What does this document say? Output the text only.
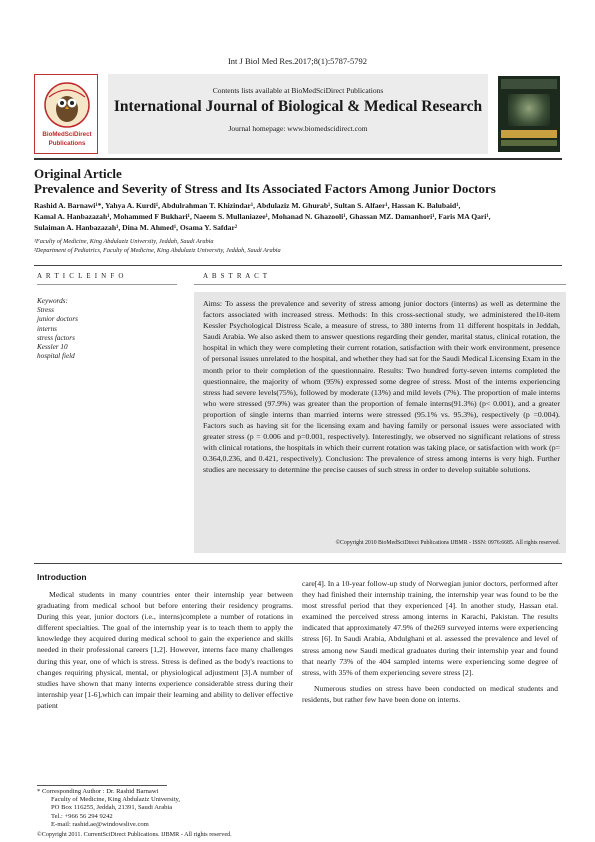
Int J Biol Med Res.2017;8(1):5787-5792
BioMedSciDirect
Publications
Contents lists available at BioMedSciDirect Publications
International Journal of Biological & Medical Research
Journal homepage: www.biomedscidirect.com
Original Article
Prevalence and Severity of Stress and Its Associated Factors Among Junior Doctors
Rashid A. Barnawi¹*, Yahya A. Kurdi¹, Abdulrahman T. Khizindar¹, Abdulaziz M. Ghurab¹, Sultan S. Alfaer¹, Hassan K. Balubaid¹,
Kamal A. Hanbazazah¹, Mohammed F Bukhari¹, Naeem S. Mullaniazee¹, Mohanad N. Ghazooli¹, Ghassan MZ. Damanhori¹, Faris MA Qari¹,
Sulaiman A. Hanbazazah¹, Dina M. Ahmed¹, Osama Y. Safdar²
¹Faculty of Medicine, King Abdulaziz University, Jeddah, Saudi Arabia
²Department of Pediatrics, Faculty of Medicine, King Abdulaziz University, Jeddah, Saudi Arabia
A R T I C L E I N F O	A B S T R A C T
Keywords:
Stress
junior doctors
interns
stress factors
Kessler 10
hospital field
Aims: To assess the prevalence and severity of stress among junior doctors (interns) as well as determine the factors associated with increased stress. Methods: In this cross-sectional study, we administered the10-item Kessler Psychological Distress Scale, a measure of stress, to 380 interns from 11 different hospitals in Jeddah, Saudi Arabia. We also asked them to answer questions regarding their gender, marital status, clinical rotation, the hospital in which they were completing their current rotation, satisfaction with their work environment, presence of personal issues unrelated to the hospital, and whether they had sat for the Saudi Medical Licensing Exam in the month prior to their completion of the questionnaire. Results: Two hundred forty-seven interns completed the questionnaire, the majority of whom (95%) expressed some degree of stress. Most of the interns experiencing stress had severe levels(75%), followed by moderate (13%) and mild levels (7%). The proportion of male interns who were stressed (97.9%) was greater than the proportion of female interns(91.3%) (p< 0.001), and a greater proportion of single interns than married interns were stressed (95.1% vs. 95.3%), respectively (p =0.004). Factors such as having sit for the licensing exam and having family or personal issues were associated with greater stress (p = 0.006 and p=0.001, respectively). Interestingly, we observed no significant relations of stress with clinical rotations, the hospitals in which their current rotation was taking place, or satisfaction with work (p= 0.364,0.236, and 0.421, respectively). Conclusion: The prevalence of stress among interns is very high. Further studies are necessary to determine the precise causes of such stress in order to develop suitable solutions.
©Copyright 2010 BioMedSciDirect Publications IJBMR - ISSN: 0976:6685. All rights reserved.
Introduction

Medical students in many countries enter their internship year between graduating from medical school but before entering their residency programs. During this year, junior doctors (i.e., interns)complete a number of rotations in different specialties. The goal of the internship year is to teach them to apply the knowledge they acquired during medical school to gain the experience and skills needed in their professional careers [1,2]. However, interns face many challenges during this year, one of which is stress. Stress is defined as the body's reactions to changes requiring physical, mental, or physiological adjustment [3].A number of studies have shown that many interns experience considerable stress during their internship year [1-6],which can impair their learning and ability to deliver effective patient

care[4]. In a 10-year follow-up study of Norwegian junior doctors, performed after they had finished their internship training, the internship year was found to be the most stressful period that they experienced [4]. In another study, Hassan etal. examined the perceived stress among interns in Karachi, Pakistan. The results indicated that approximately 47.9% of the269 surveyed interns were experiencing stress [6]. In Saudi Arabia, Abdulghani et al. assessed the prevalence and level of stress among new Saudi medical graduates during their internship year and found that nearly 73% of the 404 sampled interns were experiencing some degree of stress, with 35% of them experiencing severe stress [2].

Numerous studies on stress have been conducted on medical students and residents, but rather few have been done on interns.

* Corresponding Author : Dr. Rashid Barnawi
Faculty of Medicine, King Abdulaziz University,
PO Box 116255, Jeddah, 21391, Saudi Arabia
Tel.: +966 56 294 9242
E-mail: rashid.ae@windowslive.com
©Copyright 2011. CurrentSciDirect Publications. IJBMR - All rights reserved.
